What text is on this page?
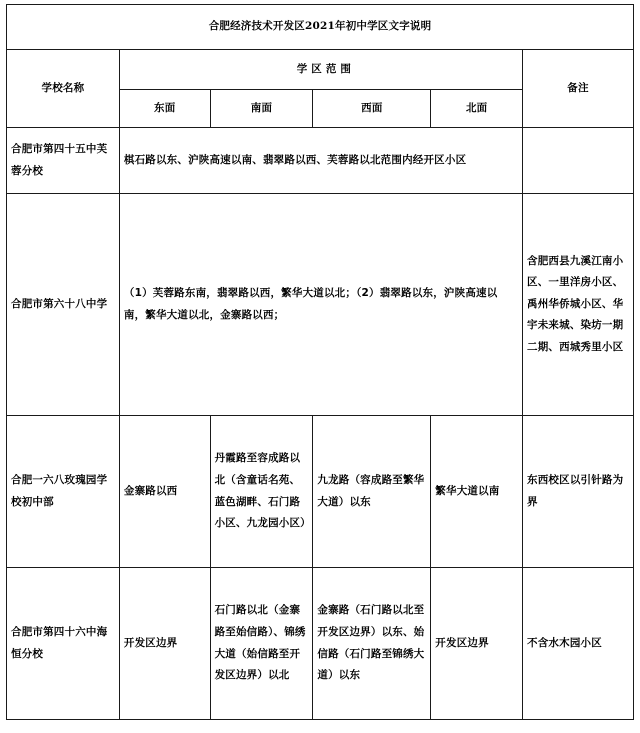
合肥经济技术开发区2021年初中学区文字说明					
学校名称	学 区 范 围				备注
	东面	南面	西面	北面	
合肥市第四十五中芙蓉分校	棋石路以东、沪陕高速以南、翡翠路以西、芙蓉路以北范围内经开区小区				
合肥市第六十八中学	（1）芙蓉路东南，翡翠路以西，繁华大道以北；（2）翡翠路以东，沪陕高速以南，繁华大道以北，金寨路以西；				含肥西县九溪江南小区、一里洋房小区、禹州华侨城小区、华宇未来城、染坊一期二期、西城秀里小区
合肥一六八玫瑰园学校初中部	金寨路以西	丹霞路至容成路以北（含童话名苑、蓝色湖畔、石门路小区、九龙园小区）	九龙路（容成路至繁华大道）以东	繁华大道以南	东西校区以引针路为界
合肥市第四十六中海恒分校	开发区边界	石门路以北（金寨路至始信路）、锦绣大道（始信路至开发区边界）以北	金寨路（石门路以北至开发区边界）以东、始信路（石门路至锦绣大道）以东	开发区边界	不含水木园小区
